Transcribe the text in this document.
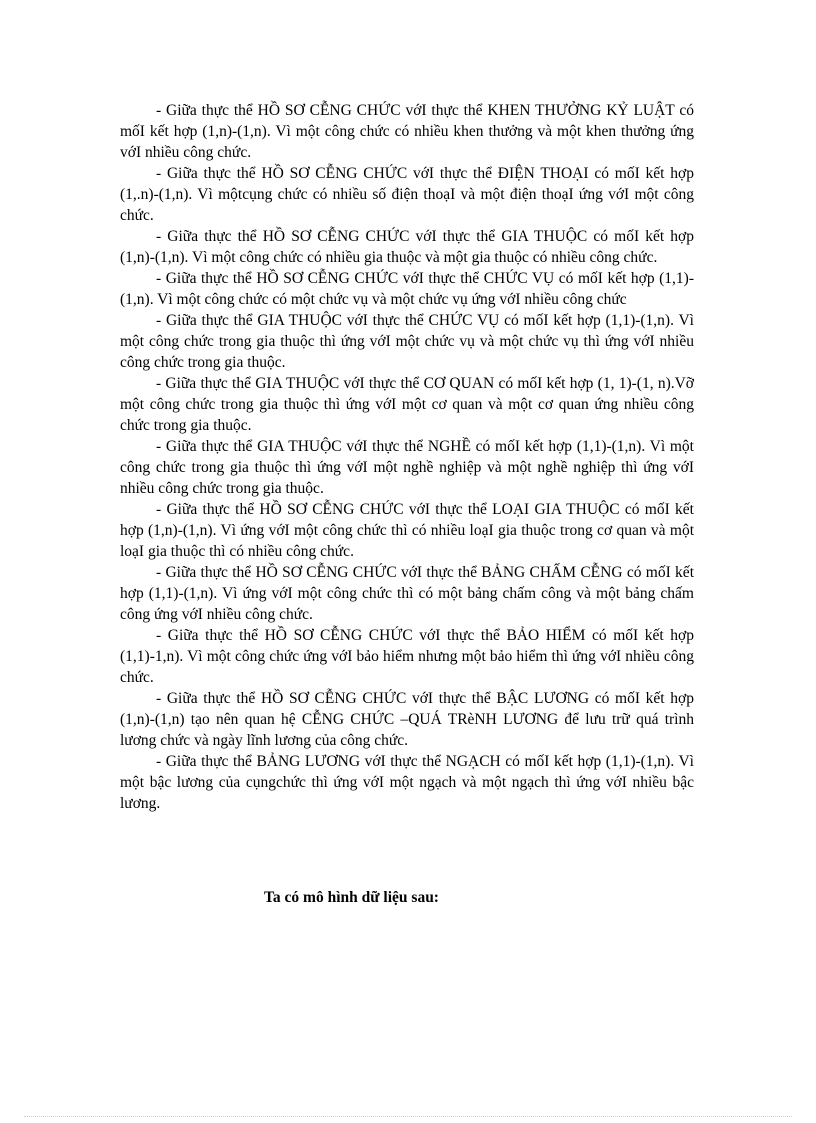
- Giữa thực thể HỒ SƠ CỄNG CHỨC vớI thực thể KHEN THƯỞNG KỶ LUẬT có mốI kết hợp (1,n)-(1,n). Vì một công chức có nhiều khen thưởng và một khen thưởng ứng vớI nhiều công chức.

- Giữa thực thể HỒ SƠ CỄNG CHỨC vớI thực thể ĐIỆN THOẠI có mốI kết hợp (1,.n)-(1,n). Vì mộtcụng chức có nhiều số điện thoạI và một điện thoạI ứng vớI một công chức.

- Giữa thực thể HỒ SƠ CỄNG CHỨC vớI thực thể GIA THUỘC có mốI kết hợp (1,n)-(1,n). Vì một công chức có nhiều gia thuộc và một gia thuộc có nhiều công chức.

- Giữa thực thể HỒ SƠ CỄNG CHỨC vớI thực thể CHỨC VỤ có mốI kết hợp (1,1)-(1,n). Vì một công chức có một chức vụ và một chức vụ ứng vớI nhiều công chức

- Giữa thực thể GIA THUỘC vớI thực thể CHỨC VỤ có mốI kết hợp (1,1)-(1,n). Vì một công chức trong gia thuộc thì ứng vớI một chức vụ và một chức vụ thì ứng vớI nhiều công chức trong gia thuộc.

- Giữa thực thể GIA THUỘC vớI thực thể CƠ QUAN có mốI kết hợp (1, 1)-(1, n).Vỡ một công chức trong gia thuộc thì ứng vớI một cơ quan và một cơ quan ứng nhiều công chức trong gia thuộc.

- Giữa thực thể GIA THUỘC vớI thực thể NGHỀ có mốI kết hợp (1,1)-(1,n). Vì một công chức trong gia thuộc thì ứng vớI một nghề nghiệp và một nghề nghiệp thì ứng vớI nhiều công chức trong gia thuộc.

- Giữa thực thể HỒ SƠ CỄNG CHỨC vớI thực thể LOẠI GIA THUỘC có mốI kết hợp (1,n)-(1,n). Vì ứng vớI một công chức thì có nhiều loạI gia thuộc trong cơ quan và một loạI gia thuộc thì có nhiều công chức.

- Giữa thực thể HỒ SƠ CỄNG CHỨC vớI thực thể BẢNG CHẤM CỄNG có mốI kết hợp (1,1)-(1,n). Vì ứng vớI một công chức thì có một bảng chấm công và một bảng chấm công ứng vớI nhiều công chức.

- Giữa thực thể HỒ SƠ CỄNG CHỨC vớI thực thể BẢO HIỂM có mốI kết hợp (1,1)-1,n). Vì một công chức ứng vớI bảo hiểm nhưng một bảo hiểm thì ứng vớI nhiều công chức.

- Giữa thực thể HỒ SƠ CỄNG CHỨC vớI thực thể BẬC LƯƠNG có mốI kết hợp (1,n)-(1,n) tạo nên quan hệ CỄNG CHỨC –QUÁ TRèNH LƯƠNG để lưu trữ quá trình lương chức và ngày lĩnh lương của công chức.

- Giữa thực thể BẢNG LƯƠNG vớI thực thể NGẠCH có mốI kết hợp (1,1)-(1,n). Vì một bậc lương của cụngchức thì ứng vớI một ngạch và một ngạch thì ứng vớI nhiều bậc lương.

Ta có mô hình dữ liệu sau:
